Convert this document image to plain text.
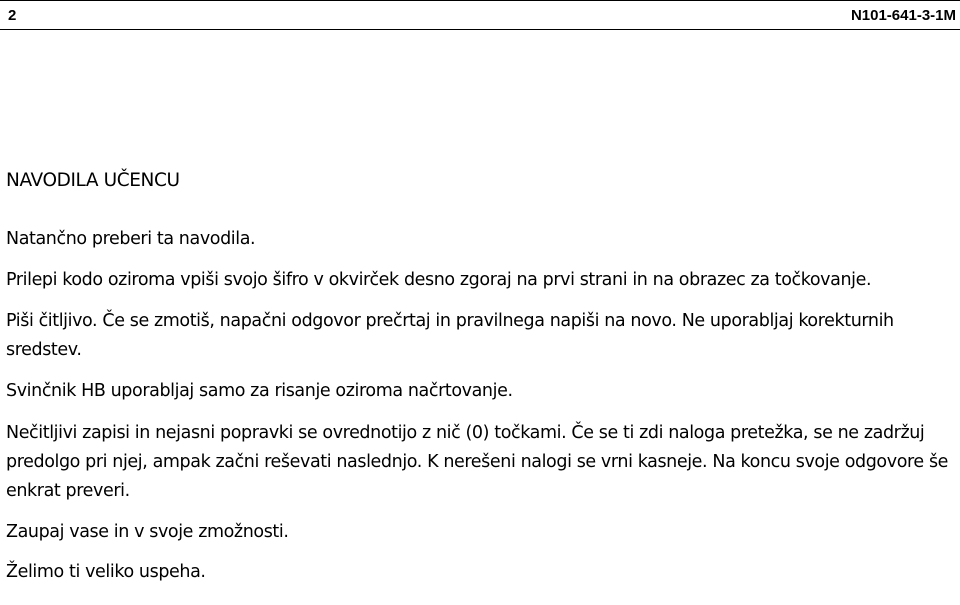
2	N101-641-3-1M

NAVODILA UČENCU

Natančno preberi ta navodila.

Prilepi kodo oziroma vpiši svojo šifro v okvirček desno zgoraj na prvi strani in na obrazec za točkovanje.

Piši čitljivo. Če se zmotiš, napačni odgovor prečrtaj in pravilnega napiši na novo. Ne uporabljaj korekturnih sredstev.

Svinčnik HB uporabljaj samo za risanje oziroma načrtovanje.

Nečitljivi zapisi in nejasni popravki se ovrednotijo z nič (0) točkami. Če se ti zdi naloga pretežka, se ne zadržuj predolgo pri njej, ampak začni reševati naslednjo. K nerešeni nalogi se vrni kasneje. Na koncu svoje odgovore še enkrat preveri.

Zaupaj vase in v svoje zmožnosti.

Želimo ti veliko uspeha.
